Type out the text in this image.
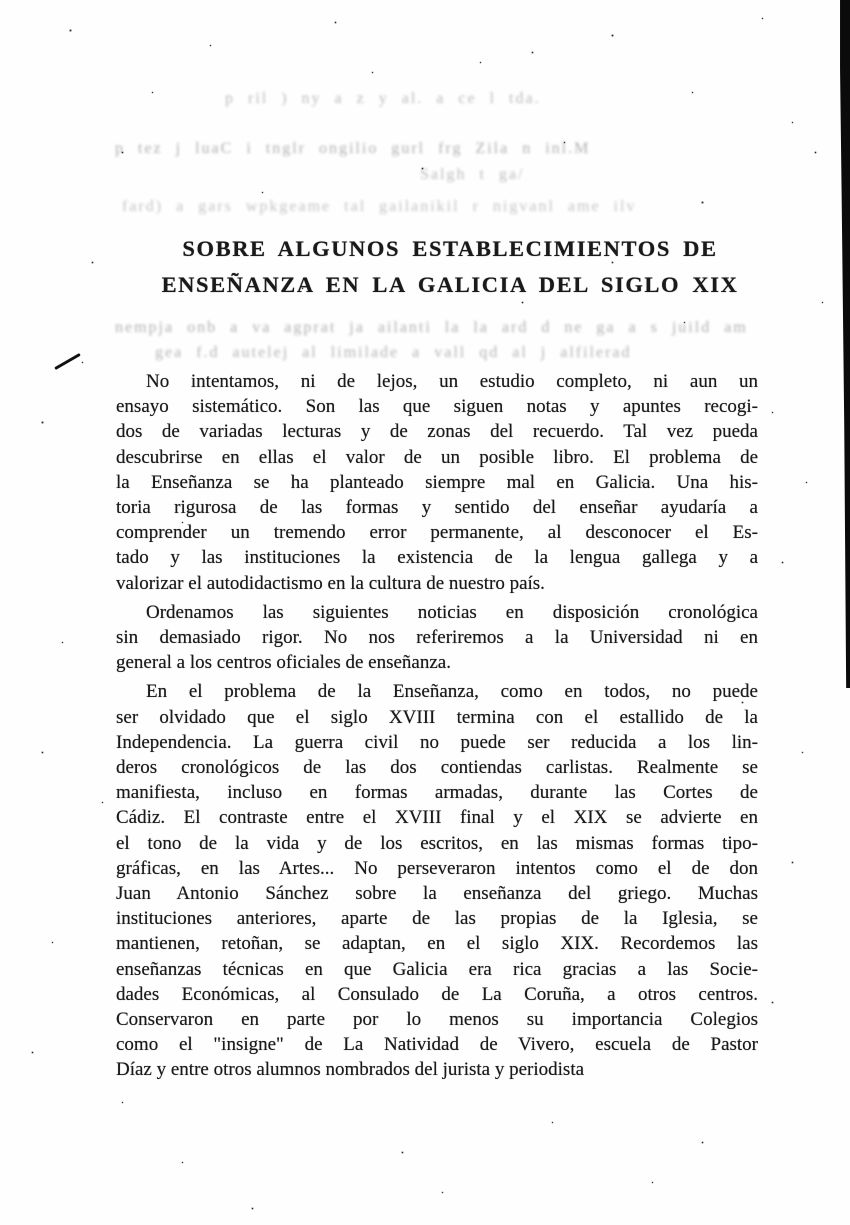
p ril ) ny a z y al. a ce l tda.
p tez j luaC i tnglr ongilio gurl frg Zila n inl.M
Salgh t ga/
fard) a gars wpkgeame tal gailanikil r nigvanl ame ilv
SOBRE ALGUNOS ESTABLECIMIENTOS DE
ENSEÑANZA EN LA GALICIA DEL SIGLO XIX
nempja onb a va agprat ja ailanti la la ard d ne ga a s juild am
gea f.d autelej al limilade a vall qd al j alfilerad
No intentamos, ni de lejos, un estudio completo, ni aun un
ensayo sistemático. Son las que siguen notas y apuntes recogi-
dos de variadas lecturas y de zonas del recuerdo. Tal vez pueda
descubrirse en ellas el valor de un posible libro. El problema de
la Enseñanza se ha planteado siempre mal en Galicia. Una his-
toria rigurosa de las formas y sentido del enseñar ayudaría a
comprender un tremendo error permanente, al desconocer el Es-
tado y las instituciones la existencia de la lengua gallega y a
valorizar el autodidactismo en la cultura de nuestro país.
Ordenamos las siguientes noticias en disposición cronológica
sin demasiado rigor. No nos referiremos a la Universidad ni en
general a los centros oficiales de enseñanza.
En el problema de la Enseñanza, como en todos, no puede
ser olvidado que el siglo XVIII termina con el estallido de la
Independencia. La guerra civil no puede ser reducida a los lin-
deros cronológicos de las dos contiendas carlistas. Realmente se
manifiesta, incluso en formas armadas, durante las Cortes de
Cádiz. El contraste entre el XVIII final y el XIX se advierte en
el tono de la vida y de los escritos, en las mismas formas tipo-
gráficas, en las Artes... No perseveraron intentos como el de don
Juan Antonio Sánchez sobre la enseñanza del griego. Muchas
instituciones anteriores, aparte de las propias de la Iglesia, se
mantienen, retoñan, se adaptan, en el siglo XIX. Recordemos las
enseñanzas técnicas en que Galicia era rica gracias a las Socie-
dades Económicas, al Consulado de La Coruña, a otros centros.
Conservaron en parte por lo menos su importancia Colegios
como el "insigne" de La Natividad de Vivero, escuela de Pastor
Díaz y entre otros alumnos nombrados del jurista y periodista
